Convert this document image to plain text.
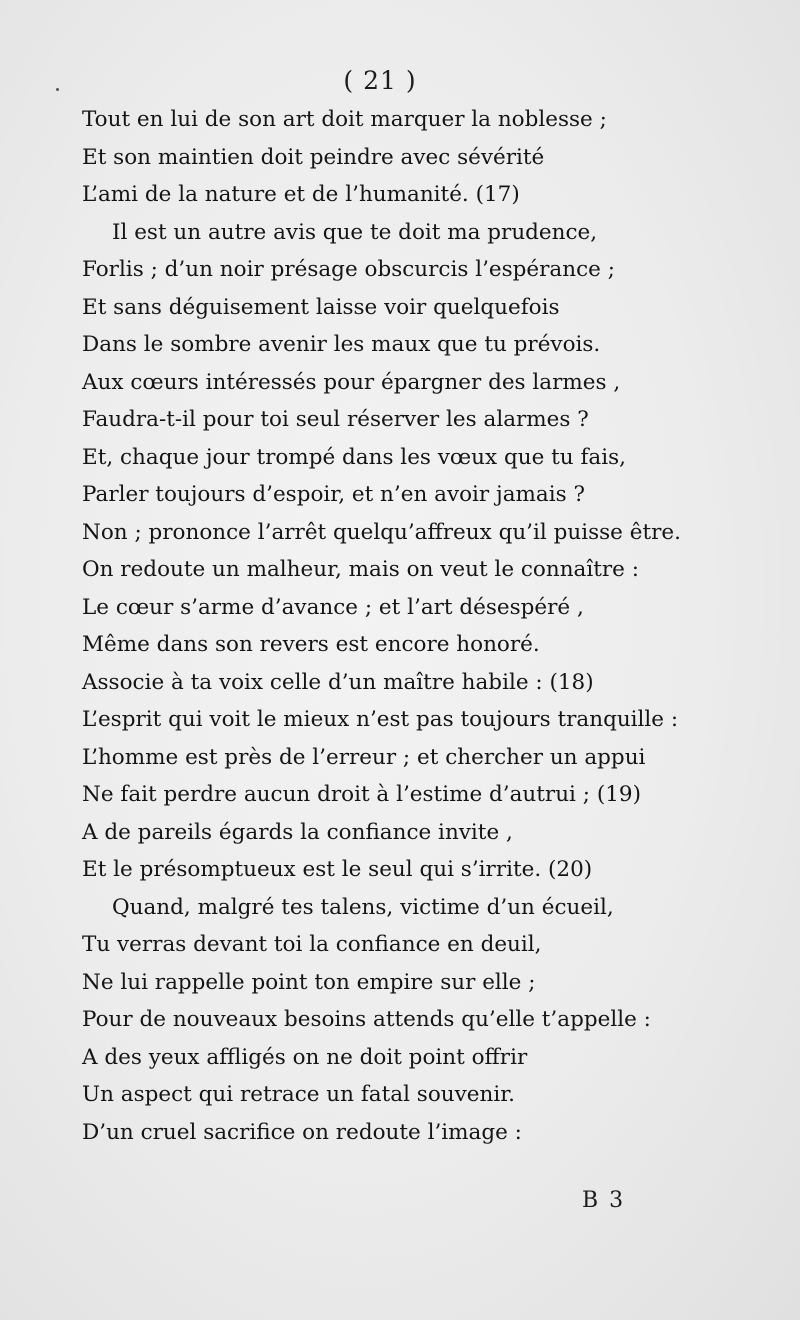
( 21 )
Tout en lui de son art doit marquer la noblesse ;
Et son maintien doit peindre avec sévérité
L’ami de la nature et de l’humanité. (17)
Il est un autre avis que te doit ma prudence,
Forlis ; d’un noir présage obscurcis l’espérance ;
Et sans déguisement laisse voir quelquefois
Dans le sombre avenir les maux que tu prévois.
Aux cœurs intéressés pour épargner des larmes ,
Faudra-t-il pour toi seul réserver les alarmes ?
Et, chaque jour trompé dans les vœux que tu fais,
Parler toujours d’espoir, et n’en avoir jamais ?
Non ; prononce l’arrêt quelqu’affreux qu’il puisse être.
On redoute un malheur, mais on veut le connaître :
Le cœur s’arme d’avance ; et l’art désespéré ,
Même dans son revers est encore honoré.
Associe à ta voix celle d’un maître habile : (18)
L’esprit qui voit le mieux n’est pas toujours tranquille :
L’homme est près de l’erreur ; et chercher un appui
Ne fait perdre aucun droit à l’estime d’autrui ; (19)
A de pareils égards la confiance invite ,
Et le présomptueux est le seul qui s’irrite. (20)
Quand, malgré tes talens, victime d’un écueil,
Tu verras devant toi la confiance en deuil,
Ne lui rappelle point ton empire sur elle ;
Pour de nouveaux besoins attends qu’elle t’appelle :
A des yeux affligés on ne doit point offrir
Un aspect qui retrace un fatal souvenir.
D’un cruel sacrifice on redoute l’image :
B 3
